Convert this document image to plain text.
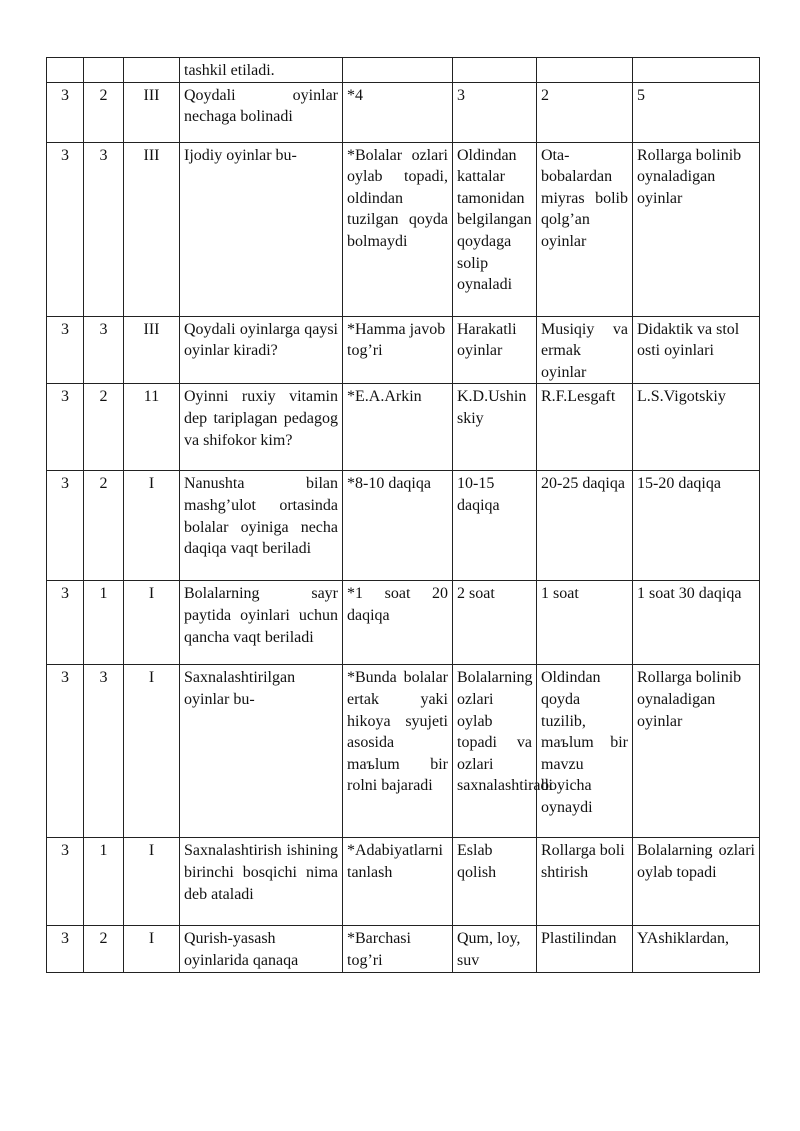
			tashkil etiladi.				
3	2	III	Qoydali oyinlar nechaga bolinadi	*4	3	2	5
3	3	III	Ijodiy oyinlar bu-	*Bolalar ozlari oylab topadi, oldindan tuzilgan qoyda bolmaydi	Oldindan kattalar tamonidan belgilangan qoydaga solip oynaladi	Ota-bobalardan miyras bolib qolg’an oyinlar	Rollarga bolinib oynaladigan oyinlar
3	3	III	Qoydali oyinlarga qaysi oyinlar kiradi?	*Hamma javob tog’ri	Harakatli oyinlar	Musiqiy va ermak oyinlar	Didaktik va stol osti oyinlari
3	2	11	Oyinni ruxiy vitamin dep tariplagan pedagog va shifokor kim?	*E.A.Arkin	K.D.Ushinskiy	R.F.Lesgaft	L.S.Vigotskiy
3	2	I	Nanushta bilan mashg’ulot ortasinda bolalar oyiniga necha daqiqa vaqt beriladi	*8-10 daqiqa	10-15 daqiqa	20-25 daqiqa	15-20 daqiqa
3	1	I	Bolalarning sayr paytida oyinlari uchun qancha vaqt beriladi	*1 soat 20 daqiqa	2 soat	1 soat	1 soat 30 daqiqa
3	3	I	Saxnalashtirilgan oyinlar bu-	*Bunda bolalar ertak yaki hikoya syujeti asosida maъlum bir rolni bajaradi	Bolalarning ozlari oylab topadi va ozlari saxnalashtiradi	Oldindan qoyda tuzilib, maъlum bir mavzu boyicha oynaydi	Rollarga bolinib oynaladigan oyinlar
3	1	I	Saxnalashtirish ishining birinchi bosqichi nima deb ataladi	*Adabiyatlarni tanlash	Eslab qolish	Rollarga bolishtirish	Bolalarning ozlari oylab topadi
3	2	I	Qurish-yasash oyinlarida qanaqa	*Barchasi tog’ri	Qum, loy, suv	Plastilindan	YAshiklardan,
